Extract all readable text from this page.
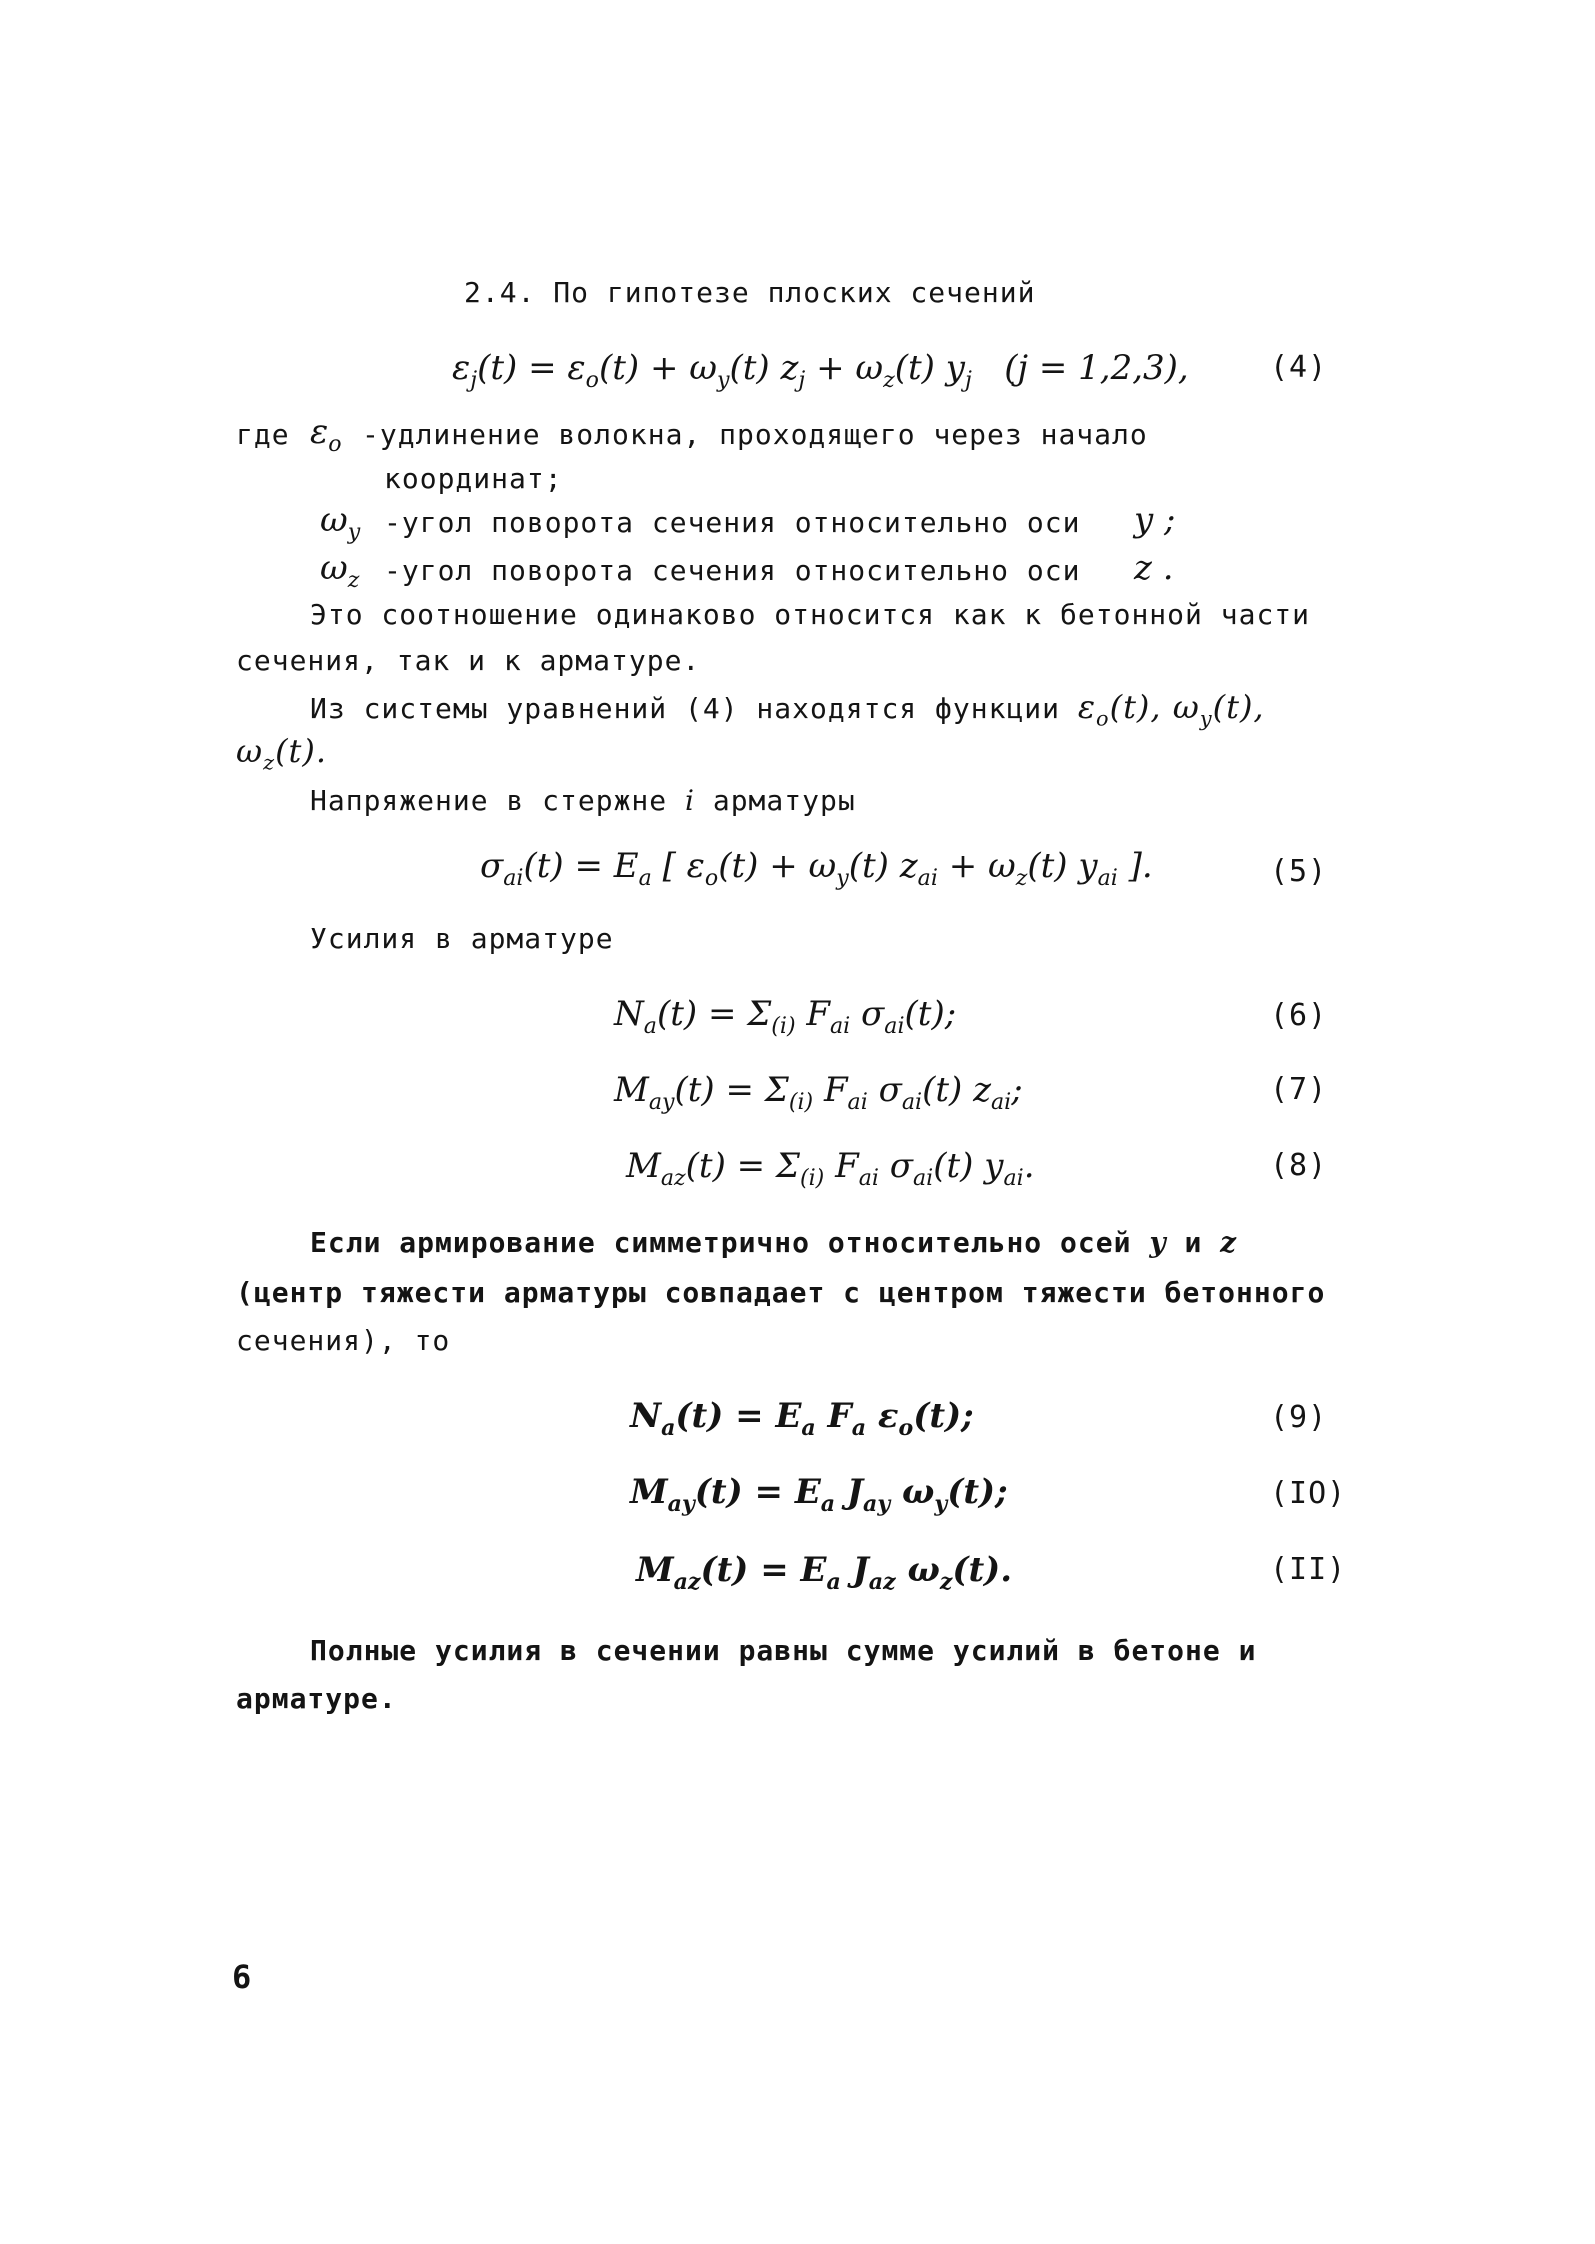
2.4. По гипотезе плоских сечений
$\varepsilon_j(t) = \varepsilon_o(t) + \omega_y(t) z_j + \omega_z(t)$ $y_j$   (j = 1,2,3),	(4)
где $\varepsilon_o$ -удлинение волокна, проходящего через начало
координат;
$\omega_y$ -угол поворота сечения относительно оси y ;
$\omega_z$ -угол поворота сечения относительно оси z .
Это соотношение одинаково относится как к бетонной части
сечения, так и к арматуре.
Из системы уравнений (4) находятся функции $\varepsilon_o(t)$, $\omega_y(t)$,
$\omega_z(t)$.
Напряжение в стержне i арматуры
$\sigma_{ai}(t) = E_a$ [ $\varepsilon_o(t) + \omega_y(t) z_{ai} + \omega_z(t)$ $y_{ai}$ ].	(5)
Усилия в арматуре
$N_a(t) = \Sigma_{(i)}$ $F_{ai}$ $\sigma_{ai}(t)$;	(6)
$M_{ay}(t) = \Sigma_{(i)}$ $F_{ai}$ $\sigma_{ai}(t)$ $z_{ai}$;	(7)
$M_{az}(t) = \Sigma_{(i)}$ $F_{ai}$ $\sigma_{ai}(t)$ $y_{ai}$.	(8)
Если армирование симметрично относительно осей y и z
(центр тяжести арматуры совпадает с центром тяжести бетонного
сечения), то
$N_a(t) = E_a$ $F_a$ $\varepsilon_o(t)$;	(9)
$M_{ay}(t) = E_a$ $J_{ay}$ $\omega_y(t)$;	(IO)
$M_{az}(t) = E_a$ $J_{az}$ $\omega_z(t)$.	(II)
Полные усилия в сечении равны сумме усилий в бетоне и
арматуре.
6
